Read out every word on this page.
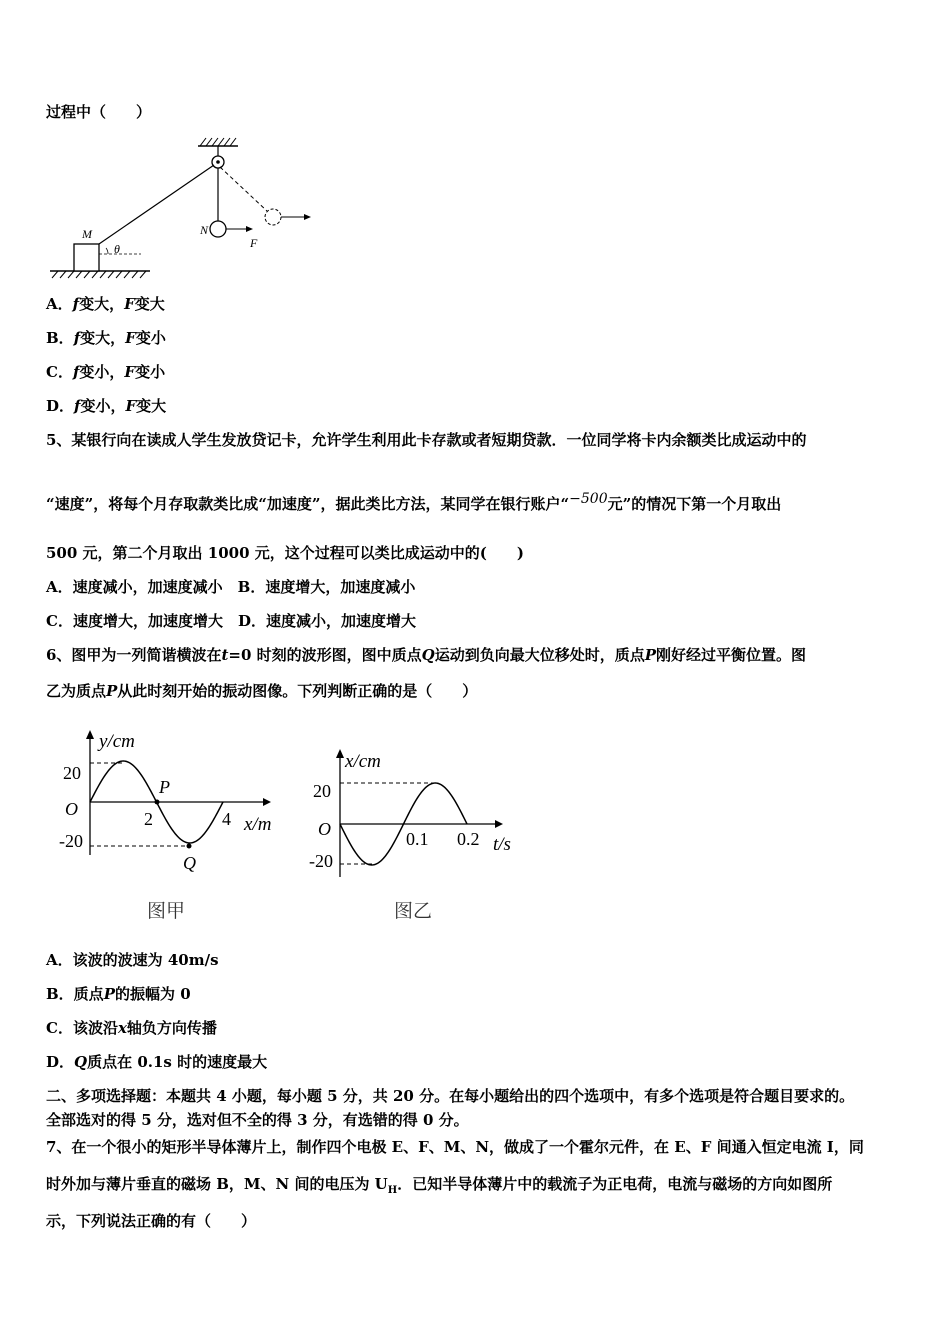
过程中（　　）
M
θ
N
F
A．f变大，F变大
B．f变大，F变小
C．f变小，F变小
D．f变小，F变大
5、某银行向在读成人学生发放贷记卡，允许学生利用此卡存款或者短期贷款．一位同学将卡内余额类比成运动中的
“速度”，将每个月存取款类比成“加速度”，据此类比方法，某同学在银行账户“−500元”的情况下第一个月取出
500 元，第二个月取出 1000 元，这个过程可以类比成运动中的(　　)
A．速度减小，加速度减小　B．速度增大，加速度减小
C．速度增大，加速度增大　D．速度减小，加速度增大
6、图甲为一列简谐横波在t=0 时刻的波形图，图中质点Q运动到负向最大位移处时，质点P刚好经过平衡位置。图
乙为质点P从此时刻开始的振动图像。下列判断正确的是（　　）
y/cm
x/m
O
20
-20
2	4
P
Q
图甲
x/cm
t/s
O
20
-20
0.1 0.2
图乙
A．该波的波速为 40m/s
B．质点P的振幅为 0
C．该波沿x轴负方向传播
D．Q质点在 0.1s 时的速度最大
二、多项选择题：本题共 4 小题，每小题 5 分，共 20 分。在每小题给出的四个选项中，有多个选项是符合题目要求的。
全部选对的得 5 分，选对但不全的得 3 分，有选错的得 0 分。
7、在一个很小的矩形半导体薄片上，制作四个电极 E、F、M、N，做成了一个霍尔元件，在 E、F 间通入恒定电流 I，同
时外加与薄片垂直的磁场 B，M、N 间的电压为 $U_H$．已知半导体薄片中的载流子为正电荷，电流与磁场的方向如图所
示，下列说法正确的有（　　）
